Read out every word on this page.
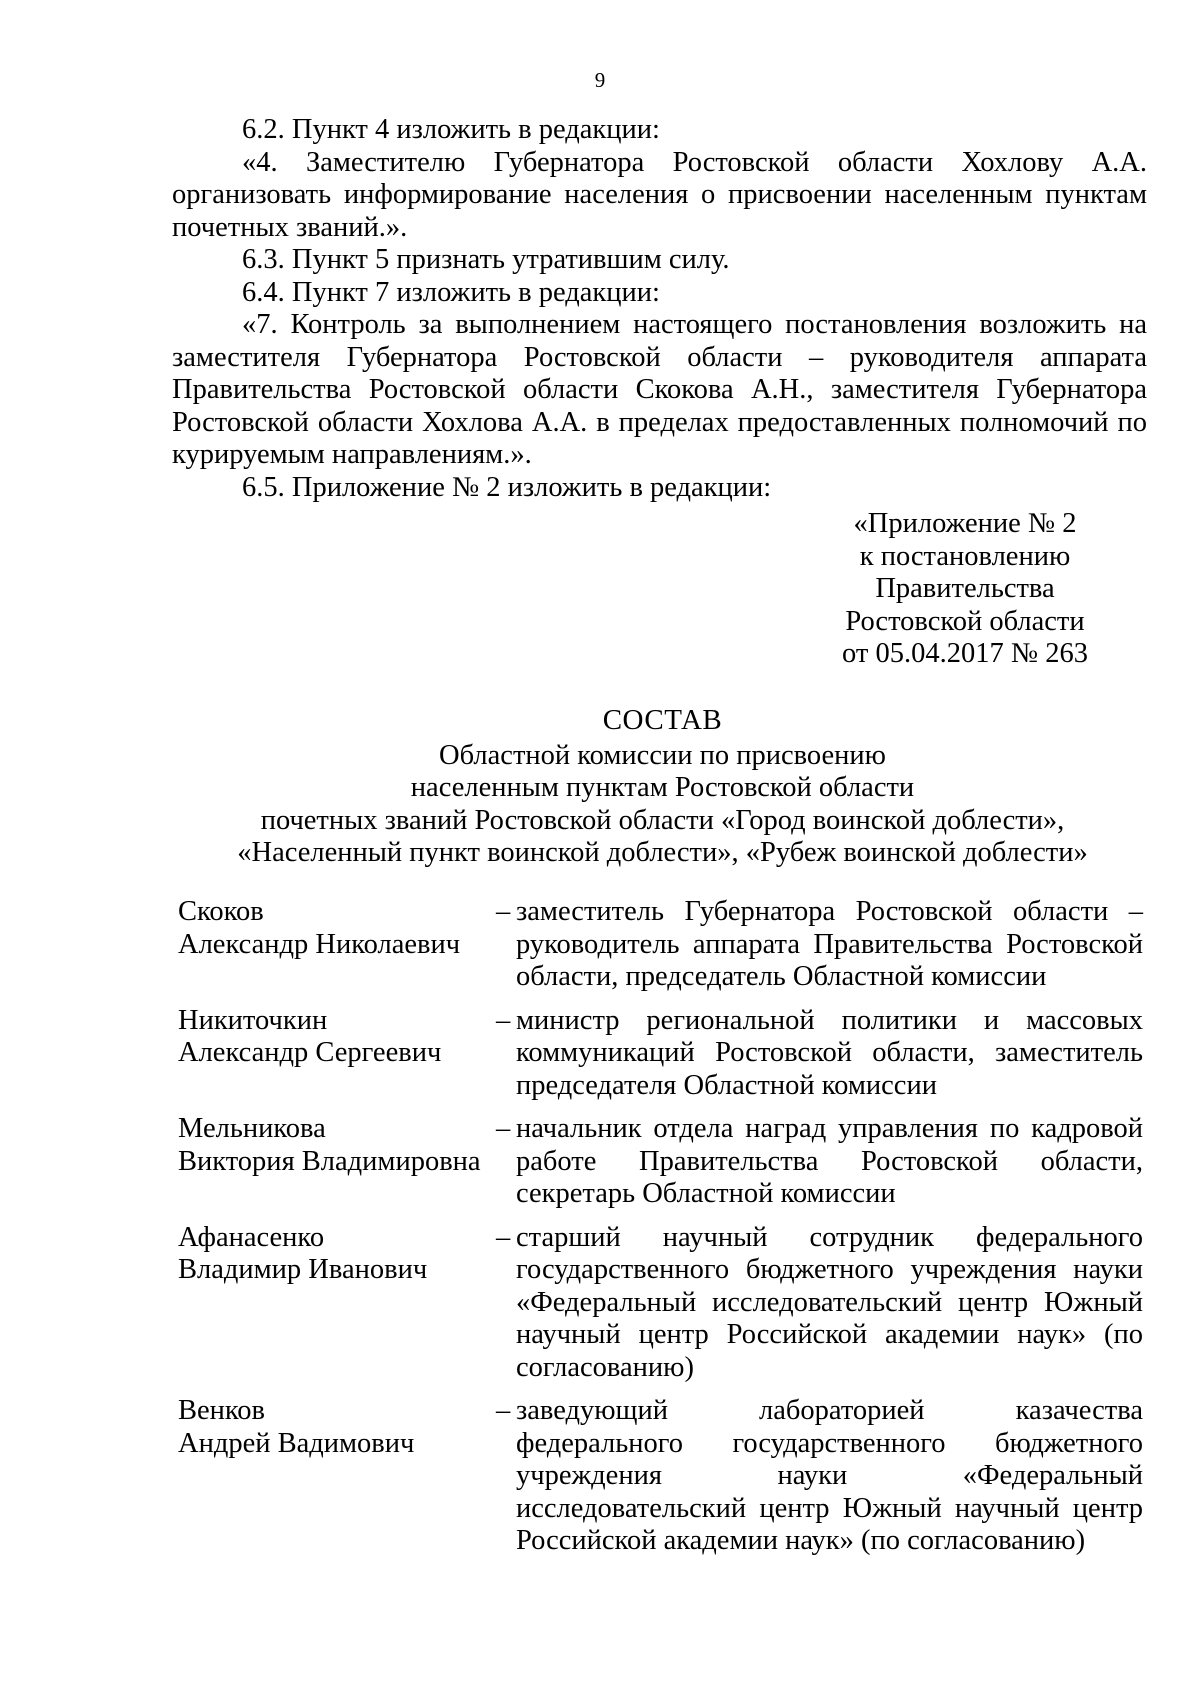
9

6.2. Пункт 4 изложить в редакции:

«4. Заместителю Губернатора Ростовской области Хохлову А.А. организовать информирование населения о присвоении населенным пунктам почетных званий.».

6.3. Пункт 5 признать утратившим силу.

6.4. Пункт 7 изложить в редакции:

«7. Контроль за выполнением настоящего постановления возложить на заместителя Губернатора Ростовской области – руководителя аппарата Правительства Ростовской области Скокова А.Н., заместителя Губернатора Ростовской области Хохлова А.А. в пределах предоставленных полномочий по курируемым направлениям.».

6.5. Приложение № 2 изложить в редакции:

«Приложение № 2
к постановлению
Правительства
Ростовской области
от 05.04.2017 № 263
СОСТАВ
Областной комиссии по присвоению
населенным пунктам Ростовской области
почетных званий Ростовской области «Город воинской доблести»,
«Населенный пункт воинской доблести», «Рубеж воинской доблести»
Скоков
Александр Николаевич
– заместитель Губернатора Ростовской области – руководитель аппарата Правительства Ростовской области, председатель Областной комиссии
Никиточкин
Александр Сергеевич
– министр региональной политики и массовых коммуникаций Ростовской области, заместитель председателя Областной комиссии
Мельникова
Виктория Владимировна
– начальник отдела наград управления по кадровой работе Правительства Ростовской области, секретарь Областной комиссии
Афанасенко
Владимир Иванович
– старший научный сотрудник федерального государственного бюджетного учреждения науки «Федеральный исследовательский центр Южный научный центр Российской академии наук» (по согласованию)
Венков
Андрей Вадимович
– заведующий лабораторией казачества федерального государственного бюджетного учреждения науки «Федеральный исследовательский центр Южный научный центр Российской академии наук» (по согласованию)
